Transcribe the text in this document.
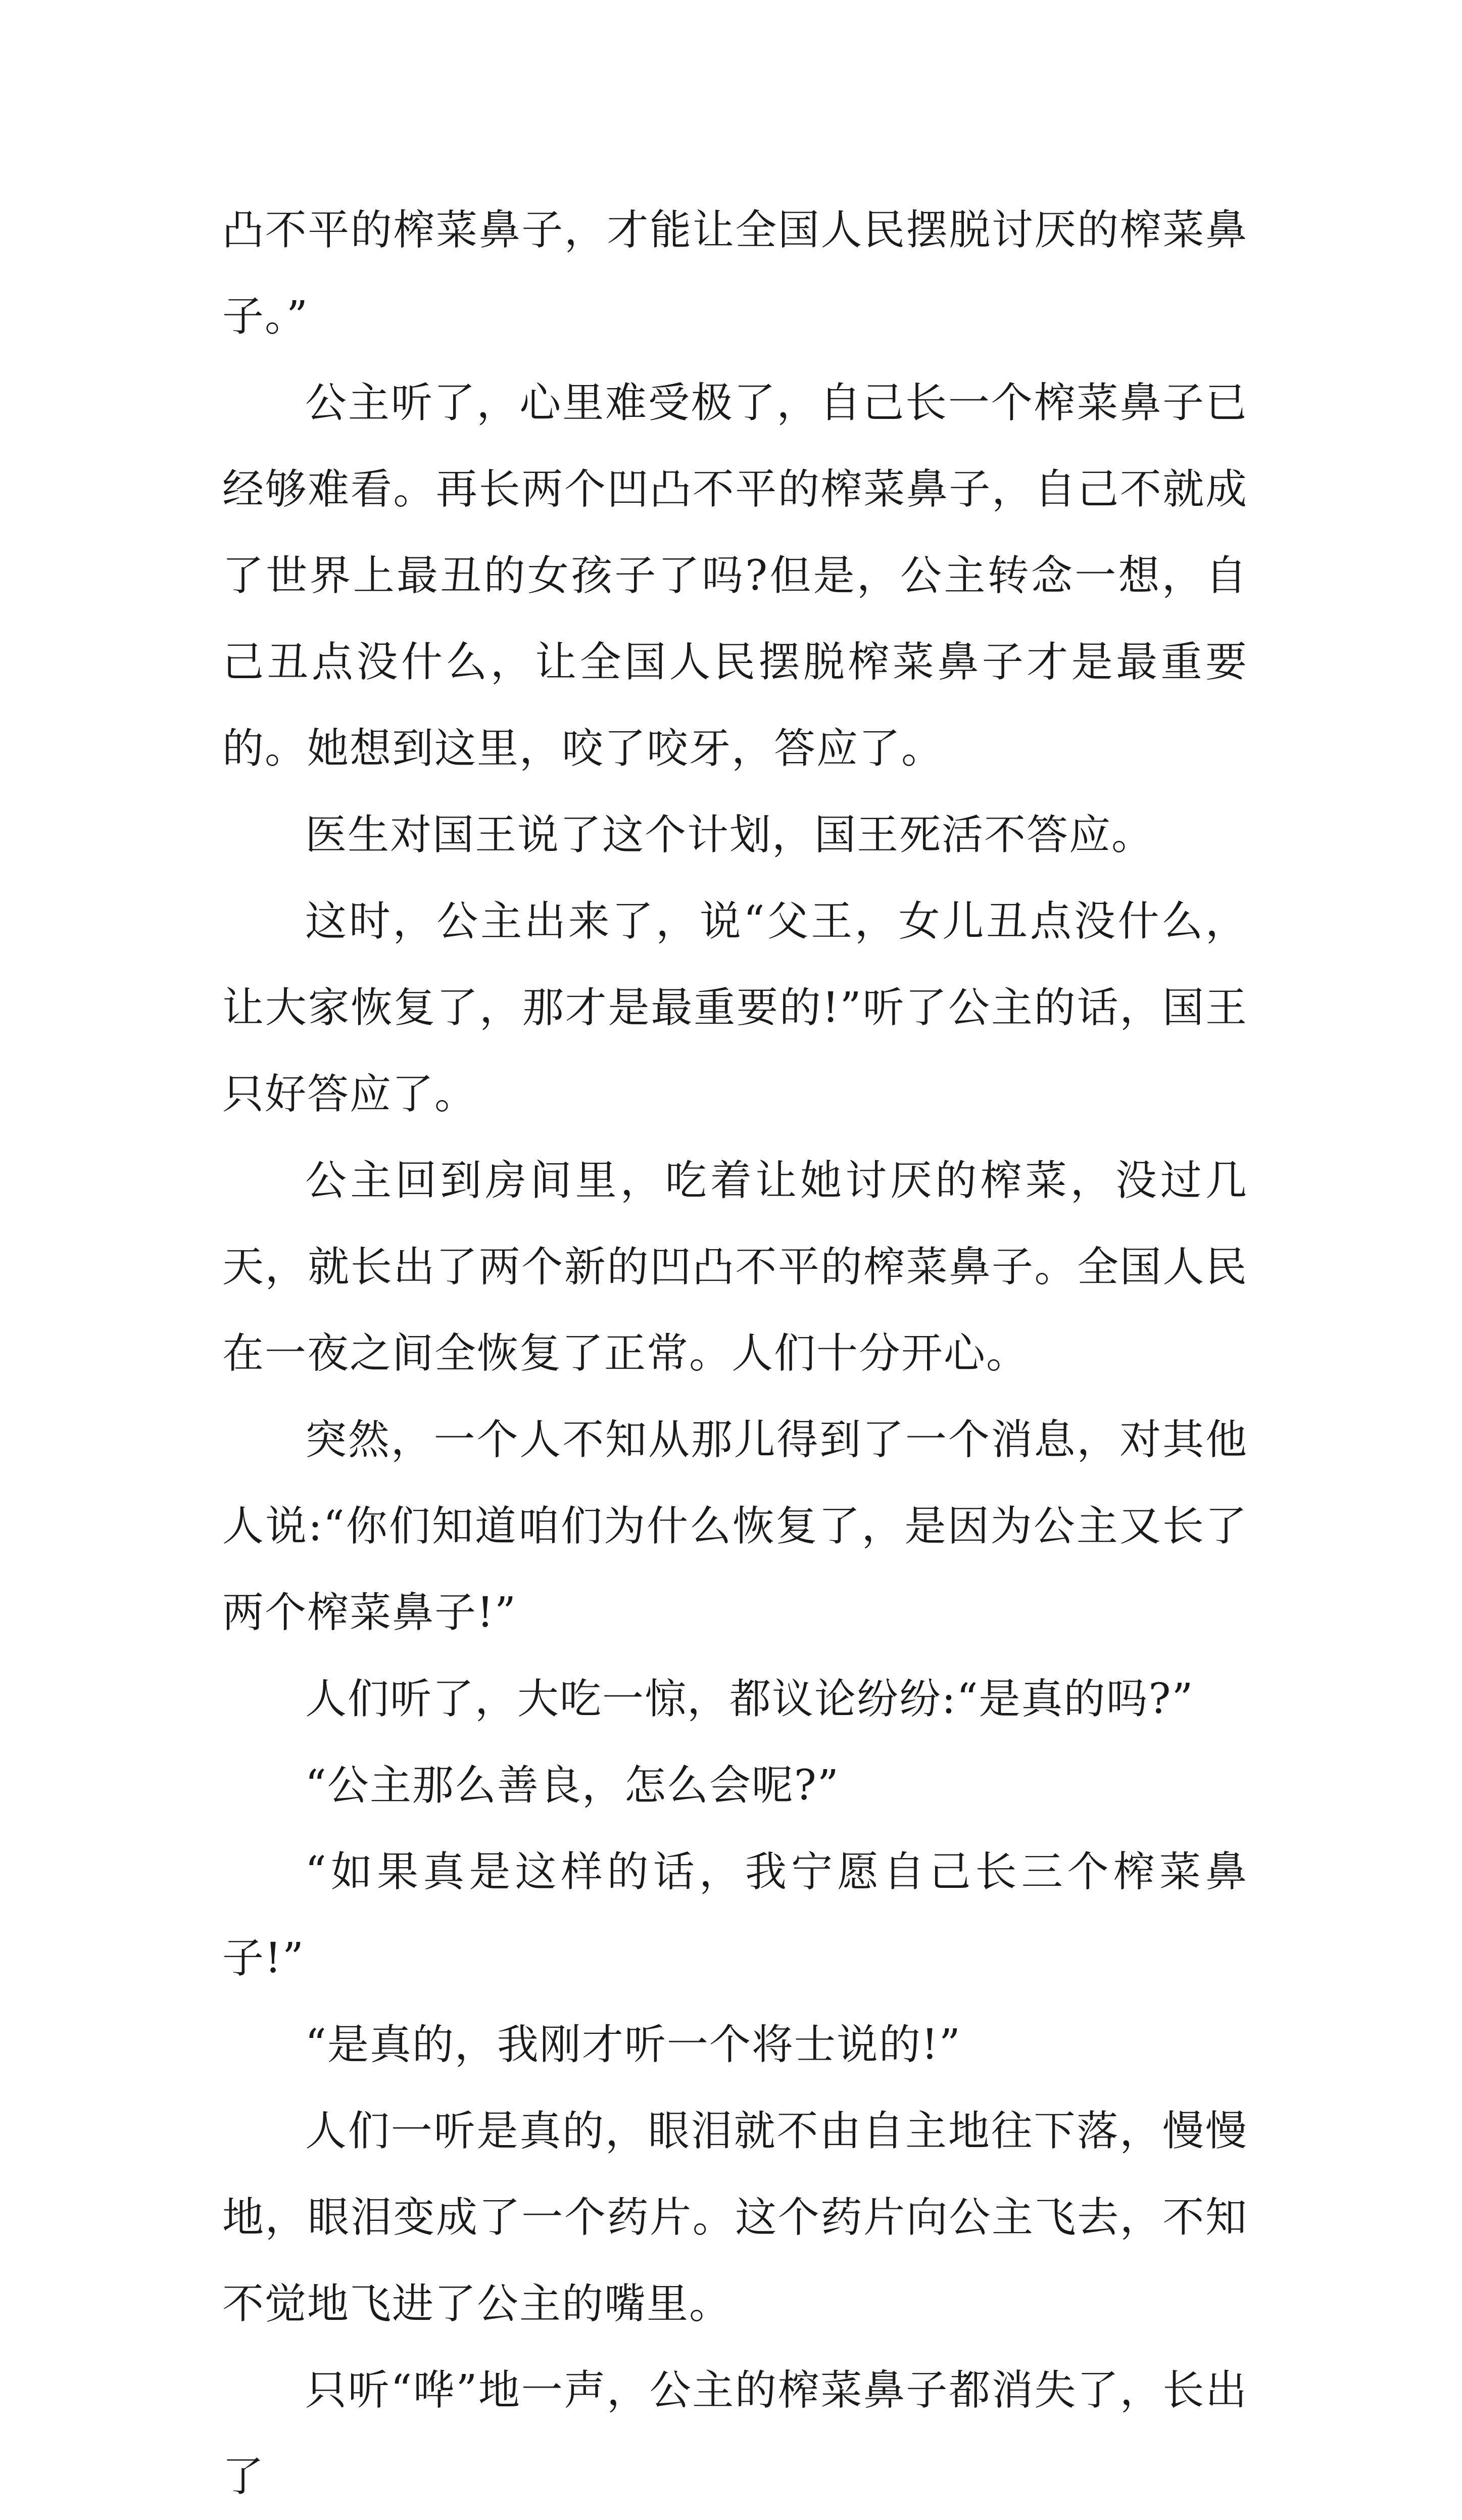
凸不平的榨菜鼻子，才能让全国人民摆脱讨厌的榨菜鼻子。”

公主听了，心里难受极了，自己长一个榨菜鼻子已经够难看。再长两个凹凸不平的榨菜鼻子，自己不就成了世界上最丑的女孩子了吗?但是，公主转念一想，自己丑点没什么，让全国人民摆脱榨菜鼻子才是最重要的。她想到这里，咬了咬牙，答应了。

医生对国王说了这个计划，国王死活不答应。

这时，公主出来了，说“父王，女儿丑点没什么，让大家恢复了，那才是最重要的!”听了公主的话，国王只好答应了。

公主回到房间里，吃着让她讨厌的榨菜，没过几天，就长出了两个新的凹凸不平的榨菜鼻子。全国人民在一夜之间全恢复了正常。人们十分开心。

突然，一个人不知从那儿得到了一个消息，对其他人说:“你们知道咱们为什么恢复了，是因为公主又长了两个榨菜鼻子!”

人们听了，大吃一惊，都议论纷纷:“是真的吗?”

“公主那么善良，怎么会呢?”

“如果真是这样的话，我宁愿自己长三个榨菜鼻子!”

“是真的，我刚才听一个将士说的!”

人们一听是真的，眼泪就不由自主地往下落，慢慢地，眼泪变成了一个药片。这个药片向公主飞去，不知不觉地飞进了公主的嘴里。

只听“哗”地一声，公主的榨菜鼻子都消失了，长出了
